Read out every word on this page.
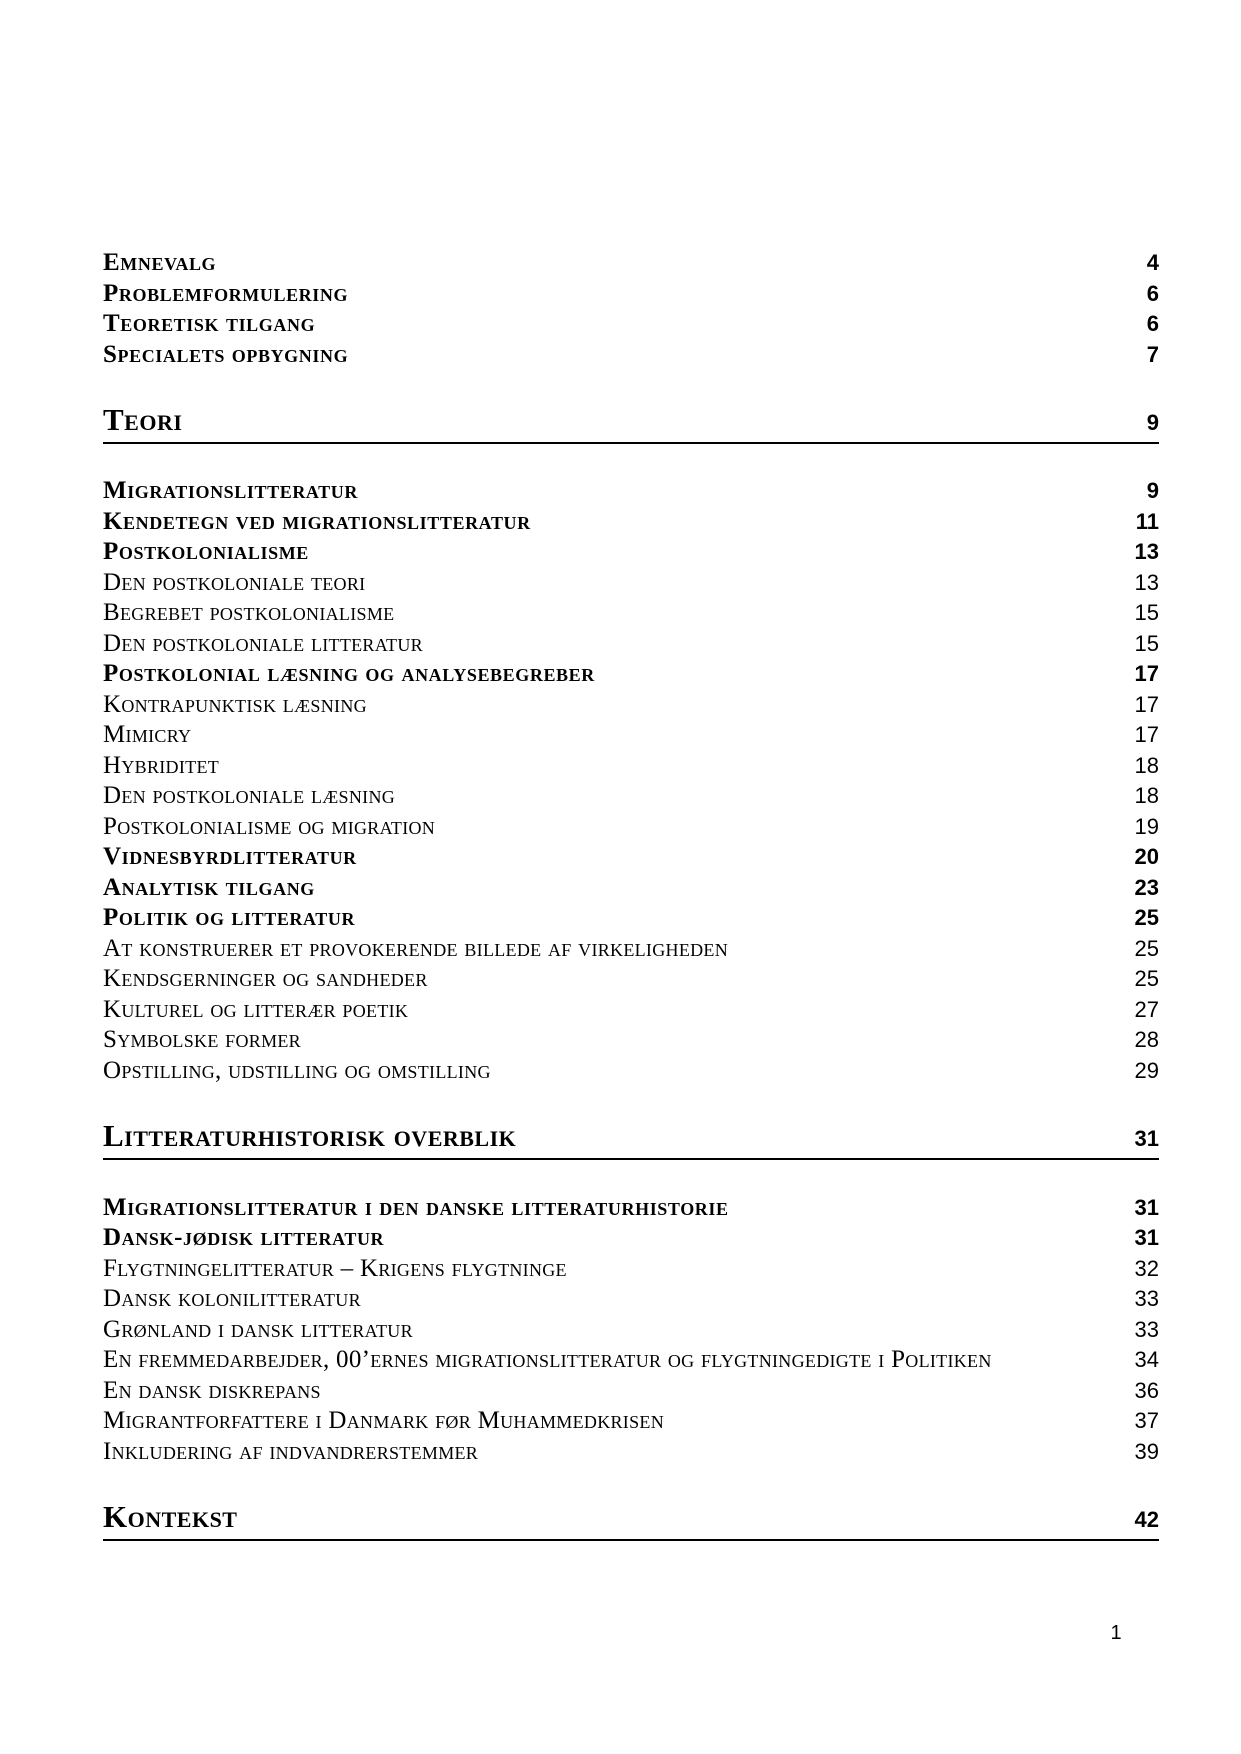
Emnevalg	4
Problemformulering	6
Teoretisk tilgang	6
Specialets opbygning	7
Teori	9
Migrationslitteratur	9
Kendetegn ved migrationslitteratur	11
Postkolonialisme	13
Den postkoloniale teori	13
Begrebet postkolonialisme	15
Den postkoloniale litteratur	15
Postkolonial læsning og analysebegreber	17
Kontrapunktisk læsning	17
Mimicry	17
Hybriditet	18
Den postkoloniale læsning	18
Postkolonialisme og migration	19
Vidnesbyrdlitteratur	20
Analytisk tilgang	23
Politik og litteratur	25
At konstruerer et provokerende billede af virkeligheden	25
Kendsgerninger og sandheder	25
Kulturel og litterær poetik	27
Symbolske former	28
Opstilling, udstilling og omstilling	29
Litteraturhistorisk overblik	31
Migrationslitteratur i den danske litteraturhistorie	31
Dansk-jødisk litteratur	31
Flygtningelitteratur – Krigens flygtninge	32
Dansk kolonilitteratur	33
Grønland i dansk litteratur	33
En fremmedarbejder, 00’ernes migrationslitteratur og flygtningedigte i Politiken	34
En dansk diskrepans	36
Migrantforfattere i Danmark før Muhammedkrisen	37
Inkludering af indvandrerstemmer	39
Kontekst	42
1
